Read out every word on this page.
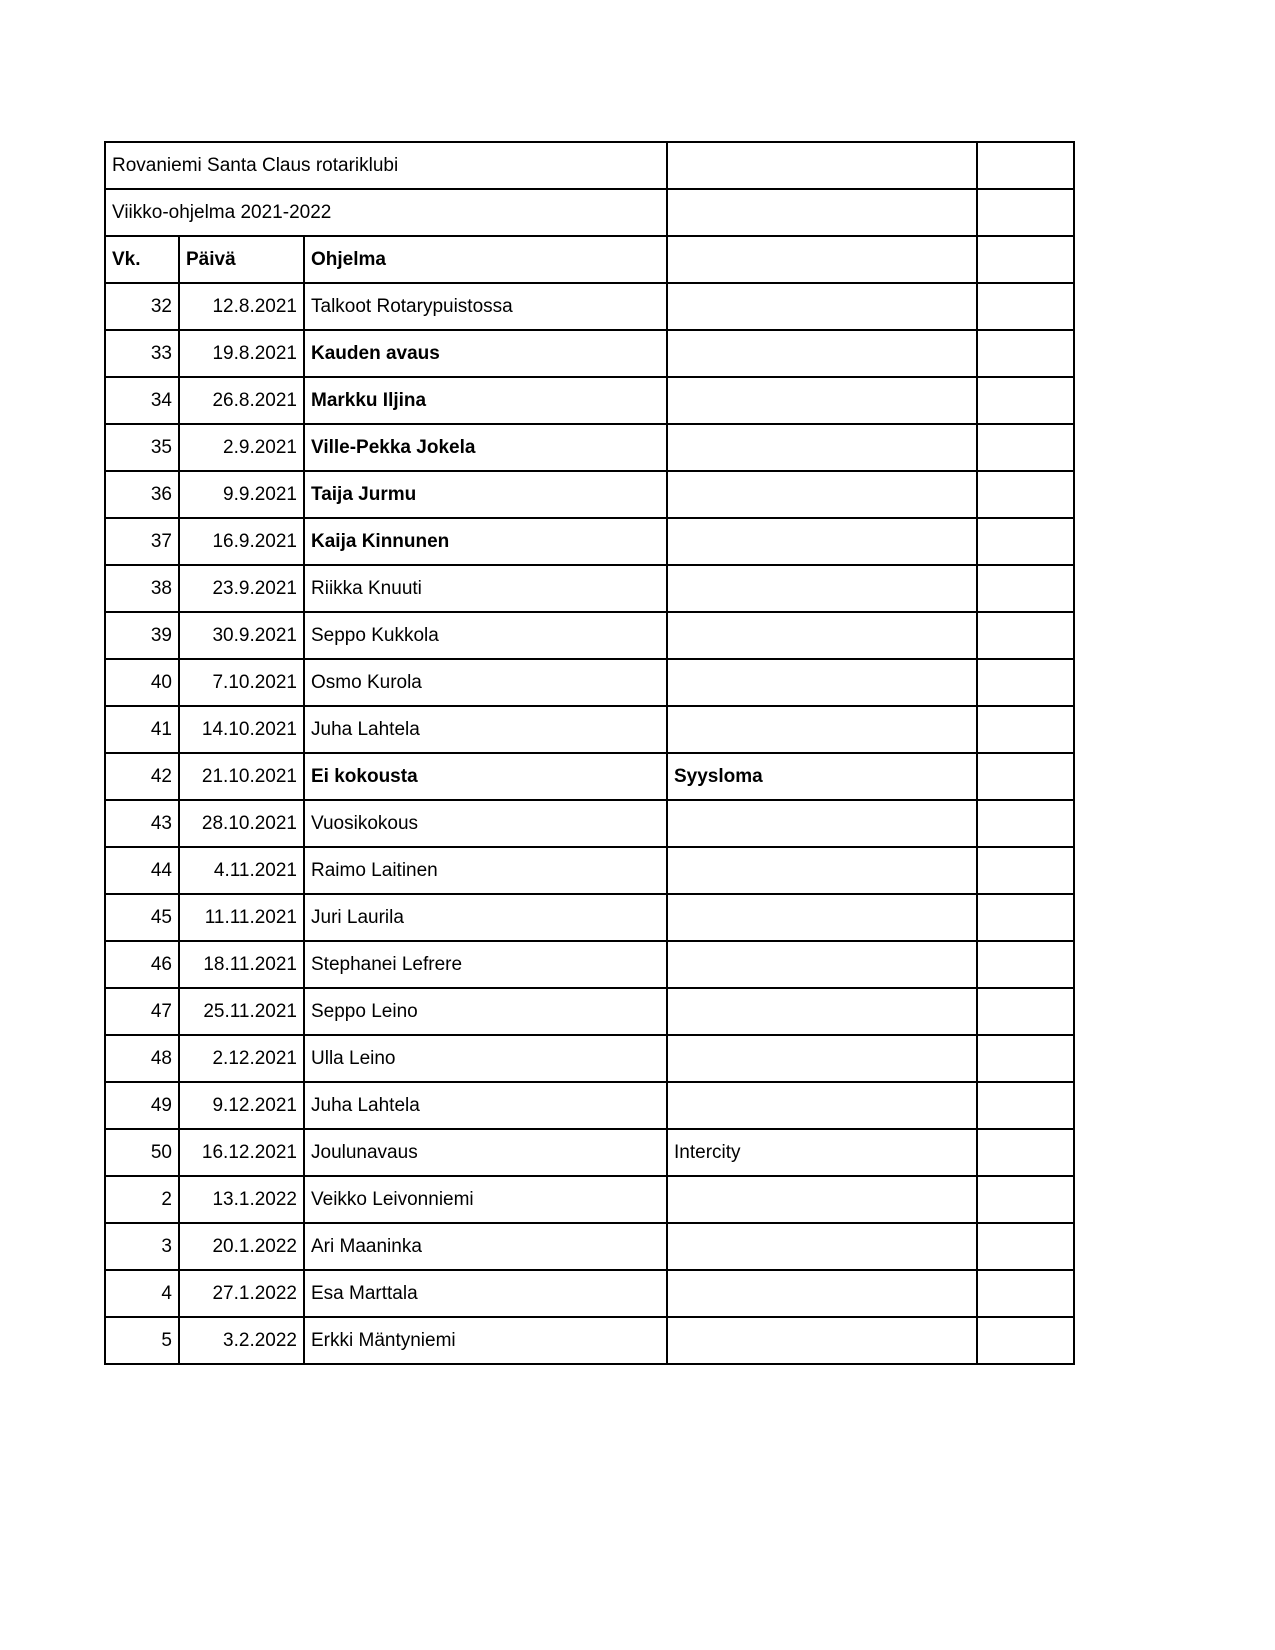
Rovaniemi Santa Claus rotariklubi				
Viikko-ohjelma 2021-2022				
Vk.	Päivä	Ohjelma		
32	12.8.2021	Talkoot Rotarypuistossa		
33	19.8.2021	Kauden avaus		
34	26.8.2021	Markku Iljina		
35	2.9.2021	Ville-Pekka Jokela		
36	9.9.2021	Taija Jurmu		
37	16.9.2021	Kaija Kinnunen		
38	23.9.2021	Riikka Knuuti		
39	30.9.2021	Seppo Kukkola		
40	7.10.2021	Osmo Kurola		
41	14.10.2021	Juha Lahtela		
42	21.10.2021	Ei kokousta	Syysloma	
43	28.10.2021	Vuosikokous		
44	4.11.2021	Raimo Laitinen		
45	11.11.2021	Juri Laurila		
46	18.11.2021	Stephanei Lefrere		
47	25.11.2021	Seppo Leino		
48	2.12.2021	Ulla Leino		
49	9.12.2021	Juha Lahtela		
50	16.12.2021	Joulunavaus	Intercity	
2	13.1.2022	Veikko Leivonniemi		
3	20.1.2022	Ari Maaninka		
4	27.1.2022	Esa Marttala		
5	3.2.2022	Erkki Mäntyniemi		
